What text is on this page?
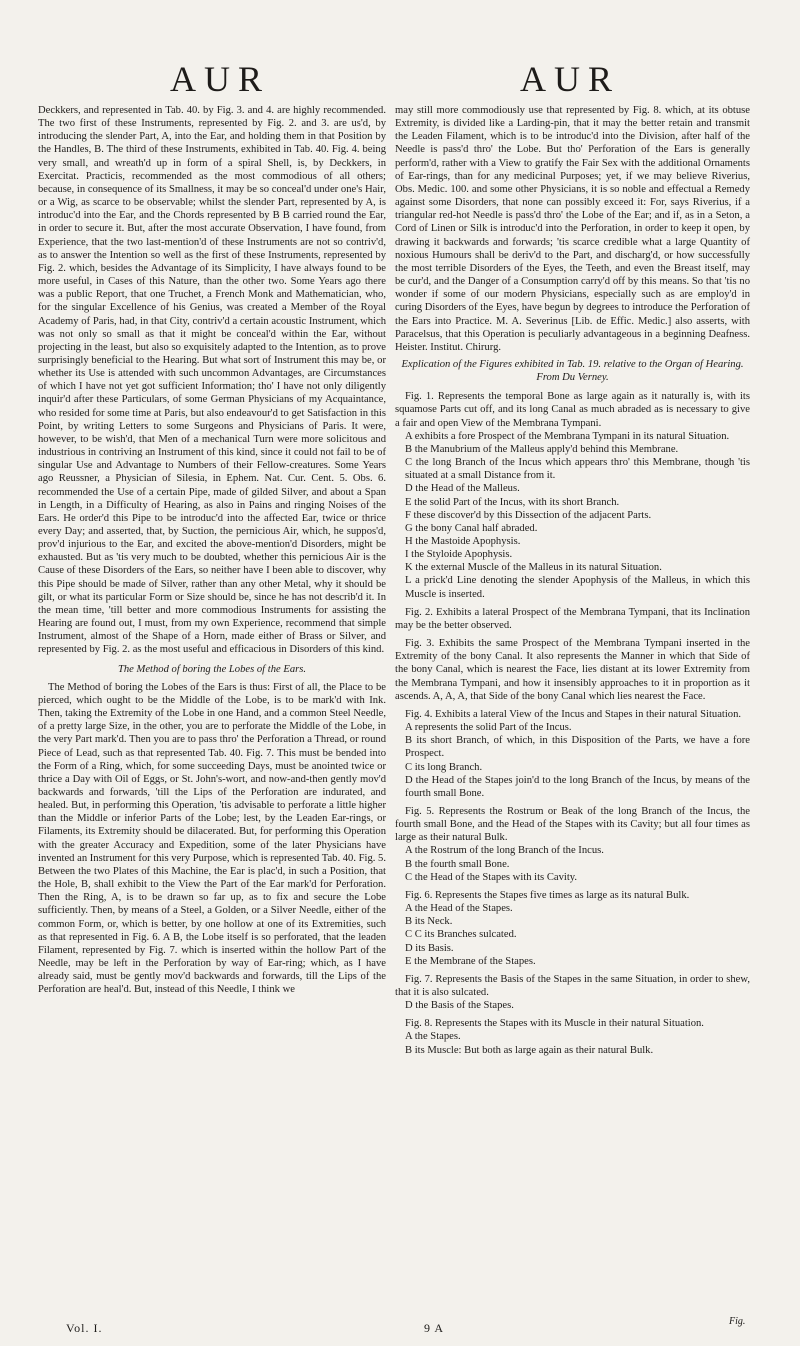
AUR	AUR

Deckkers, and represented in Tab. 40. by Fig. 3. and 4. are highly recommended. The two first of these Instruments, represented by Fig. 2. and 3. are us'd, by introducing the slender Part, A, into the Ear, and holding them in that Position by the Handles, B. The third of these Instruments, exhibited in Tab. 40. Fig. 4. being very small, and wreath'd up in form of a spiral Shell, is, by Deckkers, in Exercitat. Practicis, recommended as the most commodious of all others; because, in consequence of its Smallness, it may be so conceal'd under one's Hair, or a Wig, as scarce to be observable; whilst the slender Part, represented by A, is introduc'd into the Ear, and the Chords represented by B B carried round the Ear, in order to secure it. But, after the most accurate Observation, I have found, from Experience, that the two last-mention'd of these Instruments are not so contriv'd, as to answer the Intention so well as the first of these Instruments, represented by Fig. 2. which, besides the Advantage of its Simplicity, I have always found to be more useful, in Cases of this Nature, than the other two. Some Years ago there was a public Report, that one Truchet, a French Monk and Mathematician, who, for the singular Excellence of his Genius, was created a Member of the Royal Academy of Paris, had, in that City, contriv'd a certain acoustic Instrument, which was not only so small as that it might be conceal'd within the Ear, without projecting in the least, but also so exquisitely adapted to the Intention, as to prove surprisingly beneficial to the Hearing. But what sort of Instrument this may be, or whether its Use is attended with such uncommon Advantages, are Circumstances of which I have not yet got sufficient Information; tho' I have not only diligently inquir'd after these Particulars, of some German Physicians of my Acquaintance, who resided for some time at Paris, but also endeavour'd to get Satisfaction in this Point, by writing Letters to some Surgeons and Physicians of Paris. It were, however, to be wish'd, that Men of a mechanical Turn were more solicitous and industrious in contriving an Instrument of this kind, since it could not fail to be of singular Use and Advantage to Numbers of their Fellow-creatures. Some Years ago Reussner, a Physician of Silesia, in Ephem. Nat. Cur. Cent. 5. Obs. 6. recommended the Use of a certain Pipe, made of gilded Silver, and about a Span in Length, in a Difficulty of Hearing, as also in Pains and ringing Noises of the Ears. He order'd this Pipe to be introduc'd into the affected Ear, twice or thrice every Day; and asserted, that, by Suction, the pernicious Air, which, he suppos'd, prov'd injurious to the Ear, and excited the above-mention'd Disorders, might be exhausted. But as 'tis very much to be doubted, whether this pernicious Air is the Cause of these Disorders of the Ears, so neither have I been able to discover, why this Pipe should be made of Silver, rather than any other Metal, why it should be gilt, or what its particular Form or Size should be, since he has not describ'd it. In the mean time, 'till better and more commodious Instruments for assisting the Hearing are found out, I must, from my own Experience, recommend that simple Instrument, almost of the Shape of a Horn, made either of Brass or Silver, and represented by Fig. 2. as the most useful and efficacious in Disorders of this kind.

The Method of boring the Lobes of the Ears.

The Method of boring the Lobes of the Ears is thus: First of all, the Place to be pierced, which ought to be the Middle of the Lobe, is to be mark'd with Ink. Then, taking the Extremity of the Lobe in one Hand, and a common Steel Needle, of a pretty large Size, in the other, you are to perforate the Middle of the Lobe, in the very Part mark'd. Then you are to pass thro' the Perforation a Thread, or round Piece of Lead, such as that represented Tab. 40. Fig. 7. This must be bended into the Form of a Ring, which, for some succeeding Days, must be anointed twice or thrice a Day with Oil of Eggs, or St. John's-wort, and now-and-then gently mov'd backwards and forwards, 'till the Lips of the Perforation are indurated, and healed. But, in performing this Operation, 'tis advisable to perforate a little higher than the Middle or inferior Parts of the Lobe; lest, by the Leaden Ear-rings, or Filaments, its Extremity should be dilacerated. But, for performing this Operation with the greater Accuracy and Expedition, some of the later Physicians have invented an Instrument for this very Purpose, which is represented Tab. 40. Fig. 5. Between the two Plates of this Machine, the Ear is plac'd, in such a Position, that the Hole, B, shall exhibit to the View the Part of the Ear mark'd for Perforation. Then the Ring, A, is to be drawn so far up, as to fix and secure the Lobe sufficiently. Then, by means of a Steel, a Golden, or a Silver Needle, either of the common Form, or, which is better, by one hollow at one of its Extremities, such as that represented in Fig. 6. A B, the Lobe itself is so perforated, that the leaden Filament, represented by Fig. 7. which is inserted within the hollow Part of the Needle, may be left in the Perforation by way of Ear-ring; which, as I have already said, must be gently mov'd backwards and forwards, till the Lips of the Perforation are heal'd. But, instead of this Needle, I think we

may still more commodiously use that represented by Fig. 8. which, at its obtuse Extremity, is divided like a Larding-pin, that it may the better retain and transmit the Leaden Filament, which is to be introduc'd into the Division, after half of the Needle is pass'd thro' the Lobe. But tho' Perforation of the Ears is generally perform'd, rather with a View to gratify the Fair Sex with the additional Ornaments of Ear-rings, than for any medicinal Purposes; yet, if we may believe Riverius, Obs. Medic. 100. and some other Physicians, it is so noble and effectual a Remedy against some Disorders, that none can possibly exceed it: For, says Riverius, if a triangular red-hot Needle is pass'd thro' the Lobe of the Ear; and if, as in a Seton, a Cord of Linen or Silk is introduc'd into the Perforation, in order to keep it open, by drawing it backwards and forwards; 'tis scarce credible what a large Quantity of noxious Humours shall be deriv'd to the Part, and discharg'd, or how successfully the most terrible Disorders of the Eyes, the Teeth, and even the Breast itself, may be cur'd, and the Danger of a Consumption carry'd off by this means. So that 'tis no wonder if some of our modern Physicians, especially such as are employ'd in curing Disorders of the Eyes, have begun by degrees to introduce the Perforation of the Ears into Practice. M. A. Severinus [Lib. de Effic. Medic.] also asserts, with Paracelsus, that this Operation is peculiarly advantageous in a beginning Deafness. Heister. Institut. Chirurg.

Explication of the Figures exhibited in Tab. 19. relative to the Organ of Hearing. From Du Verney.

Fig. 1. Represents the temporal Bone as large again as it naturally is, with its squamose Parts cut off, and its long Canal as much abraded as is necessary to give a fair and open View of the Membrana Tympani.

A exhibits a fore Prospect of the Membrana Tympani in its natural Situation.

B the Manubrium of the Malleus apply'd behind this Membrane.

C the long Branch of the Incus which appears thro' this Membrane, though 'tis situated at a small Distance from it.

D the Head of the Malleus.

E the solid Part of the Incus, with its short Branch.

F these discover'd by this Dissection of the adjacent Parts.

G the bony Canal half abraded.

H the Mastoide Apophysis.

I the Styloide Apophysis.

K the external Muscle of the Malleus in its natural Situation.

L a prick'd Line denoting the slender Apophysis of the Malleus, in which this Muscle is inserted.

Fig. 2. Exhibits a lateral Prospect of the Membrana Tympani, that its Inclination may be the better observed.

Fig. 3. Exhibits the same Prospect of the Membrana Tympani inserted in the Extremity of the bony Canal. It also represents the Manner in which that Side of the bony Canal, which is nearest the Face, lies distant at its lower Extremity from the Membrana Tympani, and how it insensibly approaches to it in proportion as it ascends. A, A, A, that Side of the bony Canal which lies nearest the Face.

Fig. 4. Exhibits a lateral View of the Incus and Stapes in their natural Situation.

A represents the solid Part of the Incus.

B its short Branch, of which, in this Disposition of the Parts, we have a fore Prospect.

C its long Branch.

D the Head of the Stapes join'd to the long Branch of the Incus, by means of the fourth small Bone.

Fig. 5. Represents the Rostrum or Beak of the long Branch of the Incus, the fourth small Bone, and the Head of the Stapes with its Cavity; but all four times as large as their natural Bulk.

A the Rostrum of the long Branch of the Incus.

B the fourth small Bone.

C the Head of the Stapes with its Cavity.

Fig. 6. Represents the Stapes five times as large as its natural Bulk.

A the Head of the Stapes.

B its Neck.

C C its Branches sulcated.

D its Basis.

E the Membrane of the Stapes.

Fig. 7. Represents the Basis of the Stapes in the same Situation, in order to shew, that it is also sulcated.

D the Basis of the Stapes.

Fig. 8. Represents the Stapes with its Muscle in their natural Situation.

A the Stapes.

B its Muscle: But both as large again as their natural Bulk.

Vol. I.	9 A	Fig.
